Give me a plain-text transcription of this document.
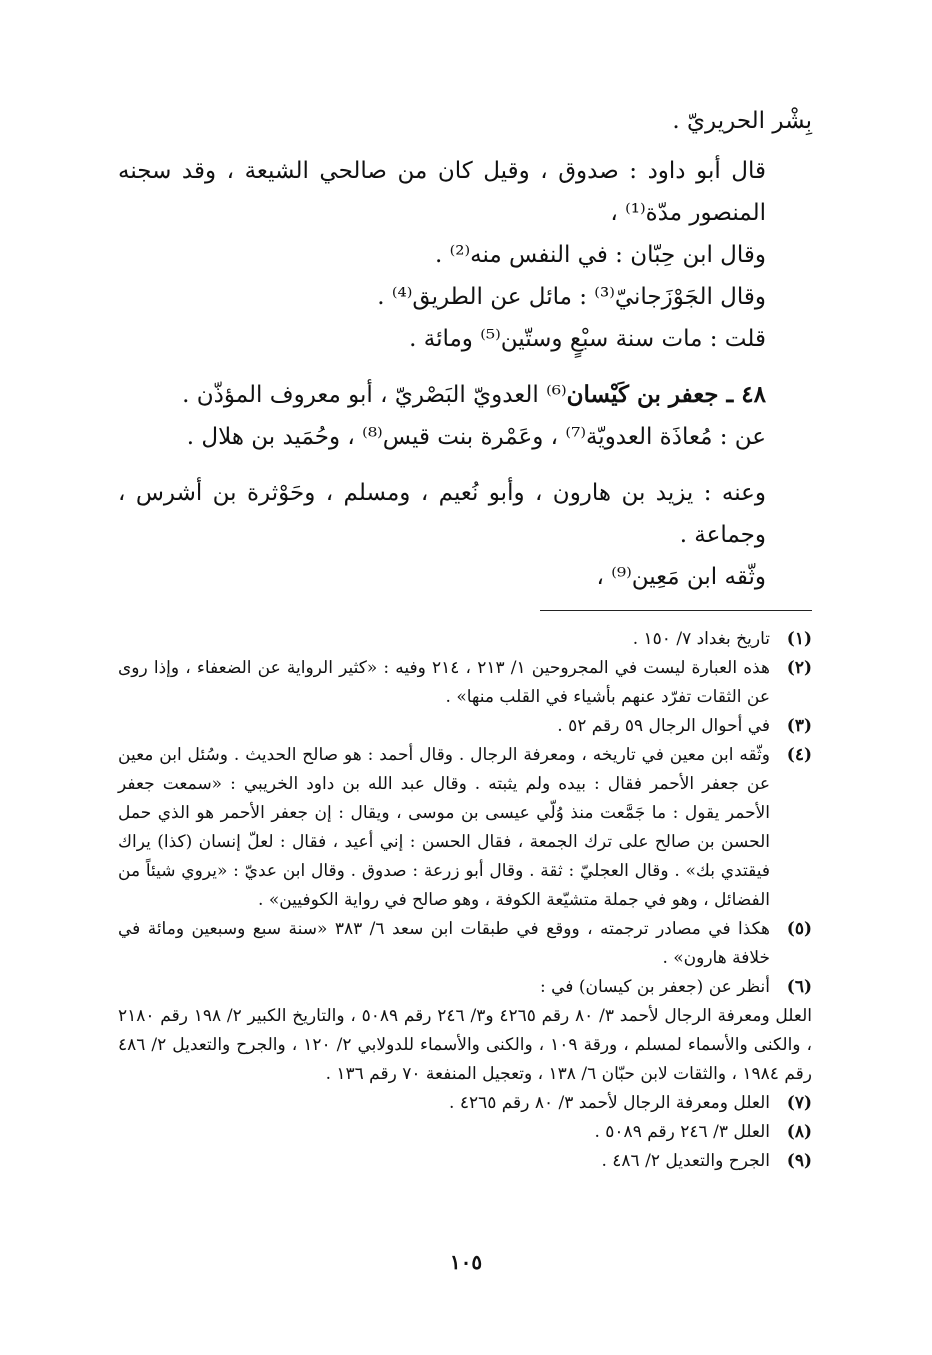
بِشْر الحريريّ .

قال أبو داود : صدوق ، وقيل كان من صالحي الشيعة ، وقد سجنه المنصور مدّة⁽¹⁾ ،

وقال ابن حِبّان : في النفس منه⁽²⁾ .

وقال الجَوْزَجانيّ⁽³⁾ : مائل عن الطريق⁽⁴⁾ .

قلت : مات سنة سبْعٍ وستّين⁽⁵⁾ ومائة .

٤٨ ـ جعفر بن كَيْسان⁽⁶⁾ العدويّ البَصْريّ ، أبو معروف المؤذّن .

عن : مُعاذَة العدويّة⁽⁷⁾ ، وعَمْرة بنت قيس⁽⁸⁾ ، وحُمَيد بن هلال .

وعنه : يزيد بن هارون ، وأبو نُعيم ، ومسلم ، وحَوْثرة بن أشرس ، وجماعة .

وثّقه ابن مَعِين⁽⁹⁾ ،

(١)
تاريخ بغداد ٧/ ١٥٠ .
(٢)
هذه العبارة ليست في المجروحين ١/ ٢١٣ ، ٢١٤ وفيه : «كثير الرواية عن الضعفاء ، وإذا روى عن الثقات تفرّد عنهم بأشياء في القلب منها» .
(٣)
في أحوال الرجال ٥٩ رقم ٥٢ .
(٤)
وثّقه ابن معين في تاريخه ، ومعرفة الرجال . وقال أحمد : هو صالح الحديث . وسُئل ابن معين عن جعفر الأحمر فقال : بيده ولم يثبته . وقال عبد الله بن داود الخريبي : «سمعت جعفر الأحمر يقول : ما جَمَّعت منذ وُلّي عيسى بن موسى ، ويقال : إن جعفر الأحمر هو الذي حمل الحسن بن صالح على ترك الجمعة ، فقال الحسن : إني أعيد ، فقال : لعلّ إنسان (كذا) يراك فيقتدي بك» . وقال العجليّ : ثقة . وقال أبو زرعة : صدوق . وقال ابن عديّ : «يروي شيئاً من الفضائل ، وهو في جملة متشيّعة الكوفة ، وهو صالح في رواية الكوفيين» .
(٥)
هكذا في مصادر ترجمته ، ووقع في طبقات ابن سعد ٦/ ٣٨٣ «سنة سبع وسبعين ومائة في خلافة هارون» .
(٦)
أنظر عن (جعفر بن كيسان) في :
العلل ومعرفة الرجال لأحمد ٣/ ٨٠ رقم ٤٢٦٥ و٣/ ٢٤٦ رقم ٥٠٨٩ ، والتاريخ الكبير ٢/ ١٩٨ رقم ٢١٨٠ ، والكنى والأسماء لمسلم ، ورقة ١٠٩ ، والكنى والأسماء للدولابي ٢/ ١٢٠ ، والجرح والتعديل ٢/ ٤٨٦ رقم ١٩٨٤ ، والثقات لابن حبّان ٦/ ١٣٨ ، وتعجيل المنفعة ٧٠ رقم ١٣٦ .
(٧)
العلل ومعرفة الرجال لأحمد ٣/ ٨٠ رقم ٤٢٦٥ .
(٨)
العلل ٣/ ٢٤٦ رقم ٥٠٨٩ .
(٩)
الجرح والتعديل ٢/ ٤٨٦ .
١٠٥
